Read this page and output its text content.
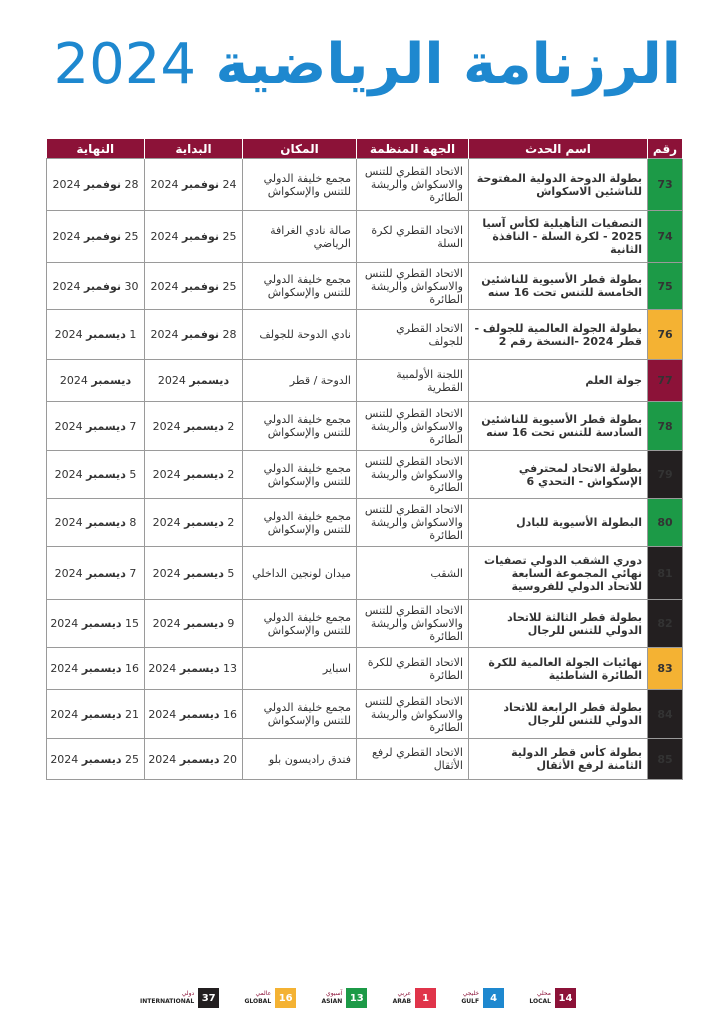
2024 الرزنامة الرياضية
رقم	اسم الحدث	الجهة المنظمة	المكان	البداية	النهاية
73	بطولة الدوحة الدولية المفتوحة للناشئين الاسكواش	الاتحاد القطري للتنس والاسكواش والريشة الطائرة	مجمع خليفة الدولي للتنس والإسكواش	24 نوفمبر 2024	28 نوفمبر 2024
74	التصفيات التأهيلية لكأس آسيا 2025 - لكرة السلة - النافذة الثانية	الاتحاد القطري لكرة السلة	صالة نادي الغرافة الرياضي	25 نوفمبر 2024	25 نوفمبر 2024
75	بطولة قطر الأسيوية للناشئين الخامسة للتنس تحت 16 سنه	الاتحاد القطري للتنس والاسكواش والريشة الطائرة	مجمع خليفة الدولي للتنس والإسكواش	25 نوفمبر 2024	30 نوفمبر 2024
76	بطولة الجولة العالمية للجولف - قطر 2024 -النسخة رقم 2	الاتحاد القطري للجولف	نادي الدوحة للجولف	28 نوفمبر 2024	1 ديسمبر 2024
77	جولة العلم	اللجنة الأولمبية القطرية	الدوحة / قطر	ديسمبر 2024	ديسمبر 2024
78	بطولة قطر الأسيوية للناشئين السادسة للتنس تحت 16 سنه	الاتحاد القطري للتنس والاسكواش والريشة الطائرة	مجمع خليفة الدولي للتنس والإسكواش	2 ديسمبر 2024	7 ديسمبر 2024
79	بطولة الاتحاد لمحترفي الإسكواش - التحدي 6	الاتحاد القطري للتنس والاسكواش والريشة الطائرة	مجمع خليفة الدولي للتنس والإسكواش	2 ديسمبر 2024	5 ديسمبر 2024
80	البطولة الأسيوية للبادل	الاتحاد القطري للتنس والاسكواش والريشة الطائرة	مجمع خليفة الدولي للتنس والإسكواش	2 ديسمبر 2024	8 ديسمبر 2024
81	دوري الشقب الدولي تصفيات نهائي المجموعة السابعة للاتحاد الدولي للفروسية	الشقب	ميدان لونجين الداخلي	5 ديسمبر 2024	7 ديسمبر 2024
82	بطولة قطر الثالثة للاتحاد الدولي للتنس للرجال	الاتحاد القطري للتنس والاسكواش والريشة الطائرة	مجمع خليفة الدولي للتنس والإسكواش	9 ديسمبر 2024	15 ديسمبر 2024
83	نهائيات الجولة العالمية للكرة الطائرة الشاطئية	الاتحاد القطري للكرة الطائرة	اسباير	13 ديسمبر 2024	16 ديسمبر 2024
84	بطولة قطر الرابعة للاتحاد الدولي للتنس للرجال	الاتحاد القطري للتنس والاسكواش والريشة الطائرة	مجمع خليفة الدولي للتنس والإسكواش	16 ديسمبر 2024	21 ديسمبر 2024
85	بطولة كأس قطر الدولية الثامنة لرفع الأثقال	الاتحاد القطري لرفع الأثقال	فندق راديسون بلو	20 ديسمبر 2024	25 ديسمبر 2024
محلي
LOCAL 14
خليجي
GULF	4
عربي
ARAB	1
آسيوي
ASIAN 13
عالمي
GLOBAL 16
دولي
INTERNATIONAL 37
